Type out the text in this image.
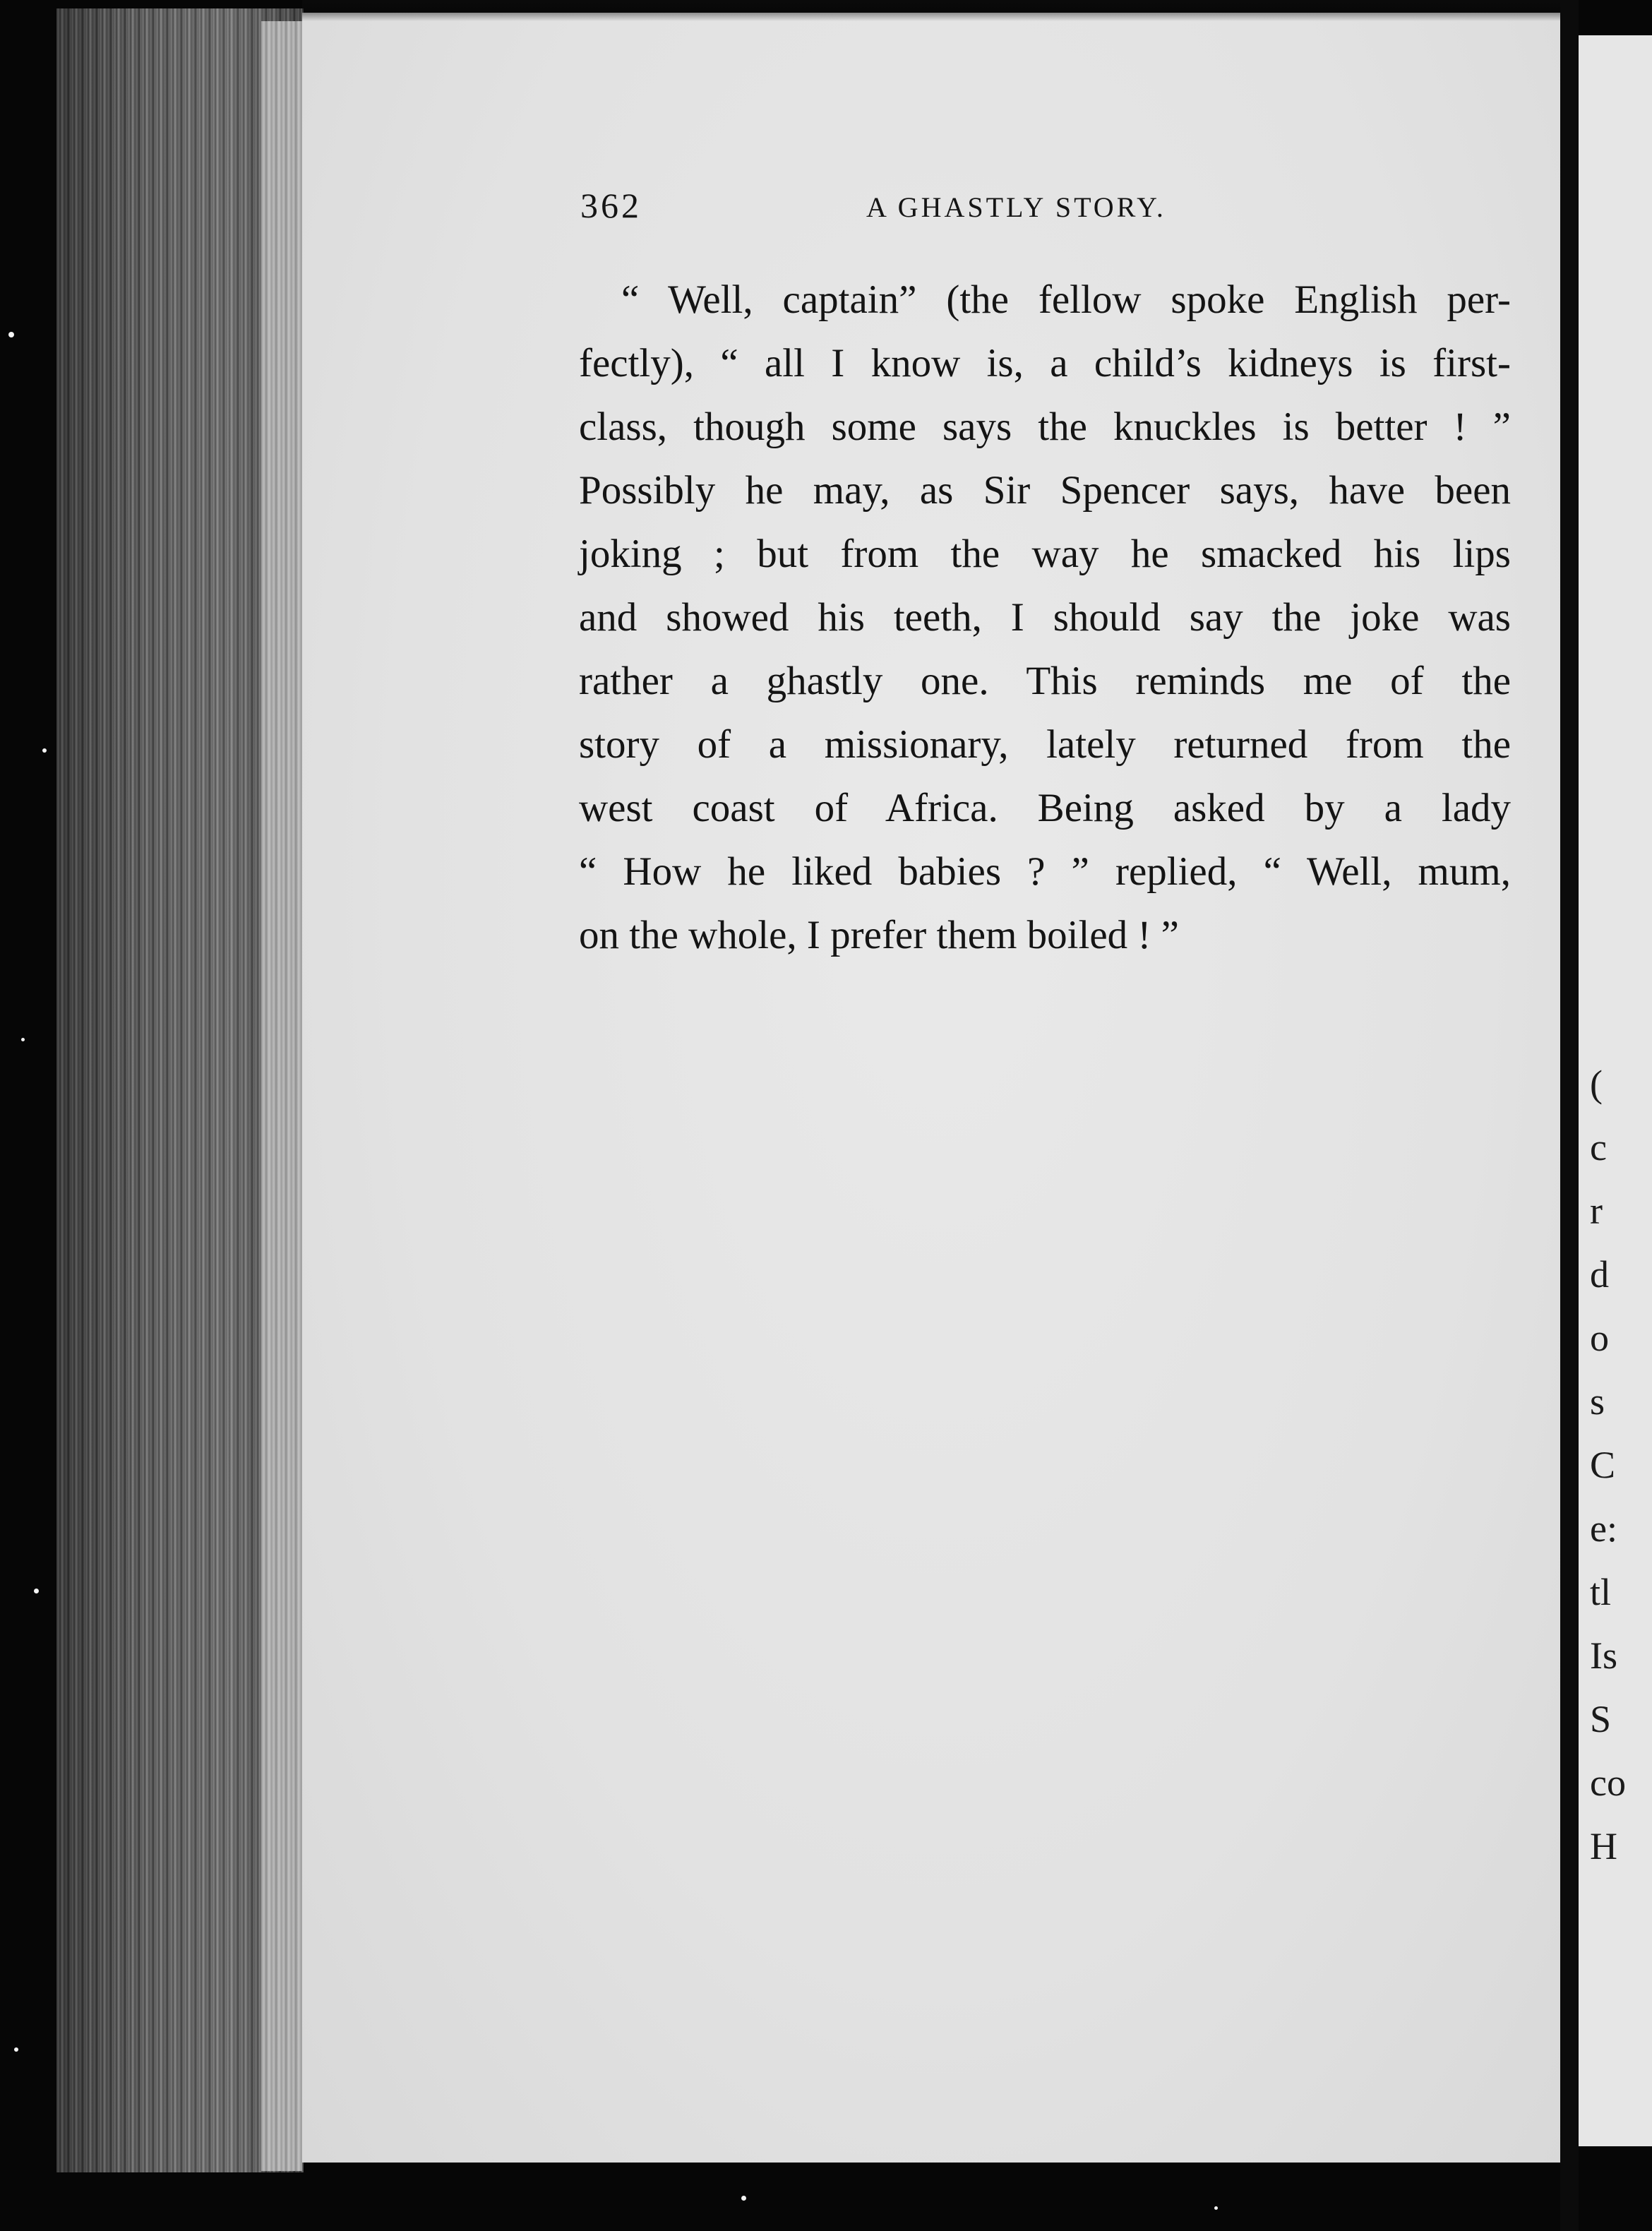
(
c
r
d
o
s
C
e:
tl
Is
S
co
H
362	A GHASTLY STORY.

“ Well, captain” (the fellow spoke English per-
fectly), “ all I know is, a child’s kidneys is first-
class, though some says the knuckles is better ! ”
Possibly he may, as Sir Spencer says, have been
joking ; but from the way he smacked his lips
and showed his teeth, I should say the joke was
rather a ghastly one. This reminds me of the
story of a missionary, lately returned from the
west coast of Africa. Being asked by a lady
“ How he liked babies ? ” replied, “ Well, mum,
on the whole, I prefer them boiled ! ”
